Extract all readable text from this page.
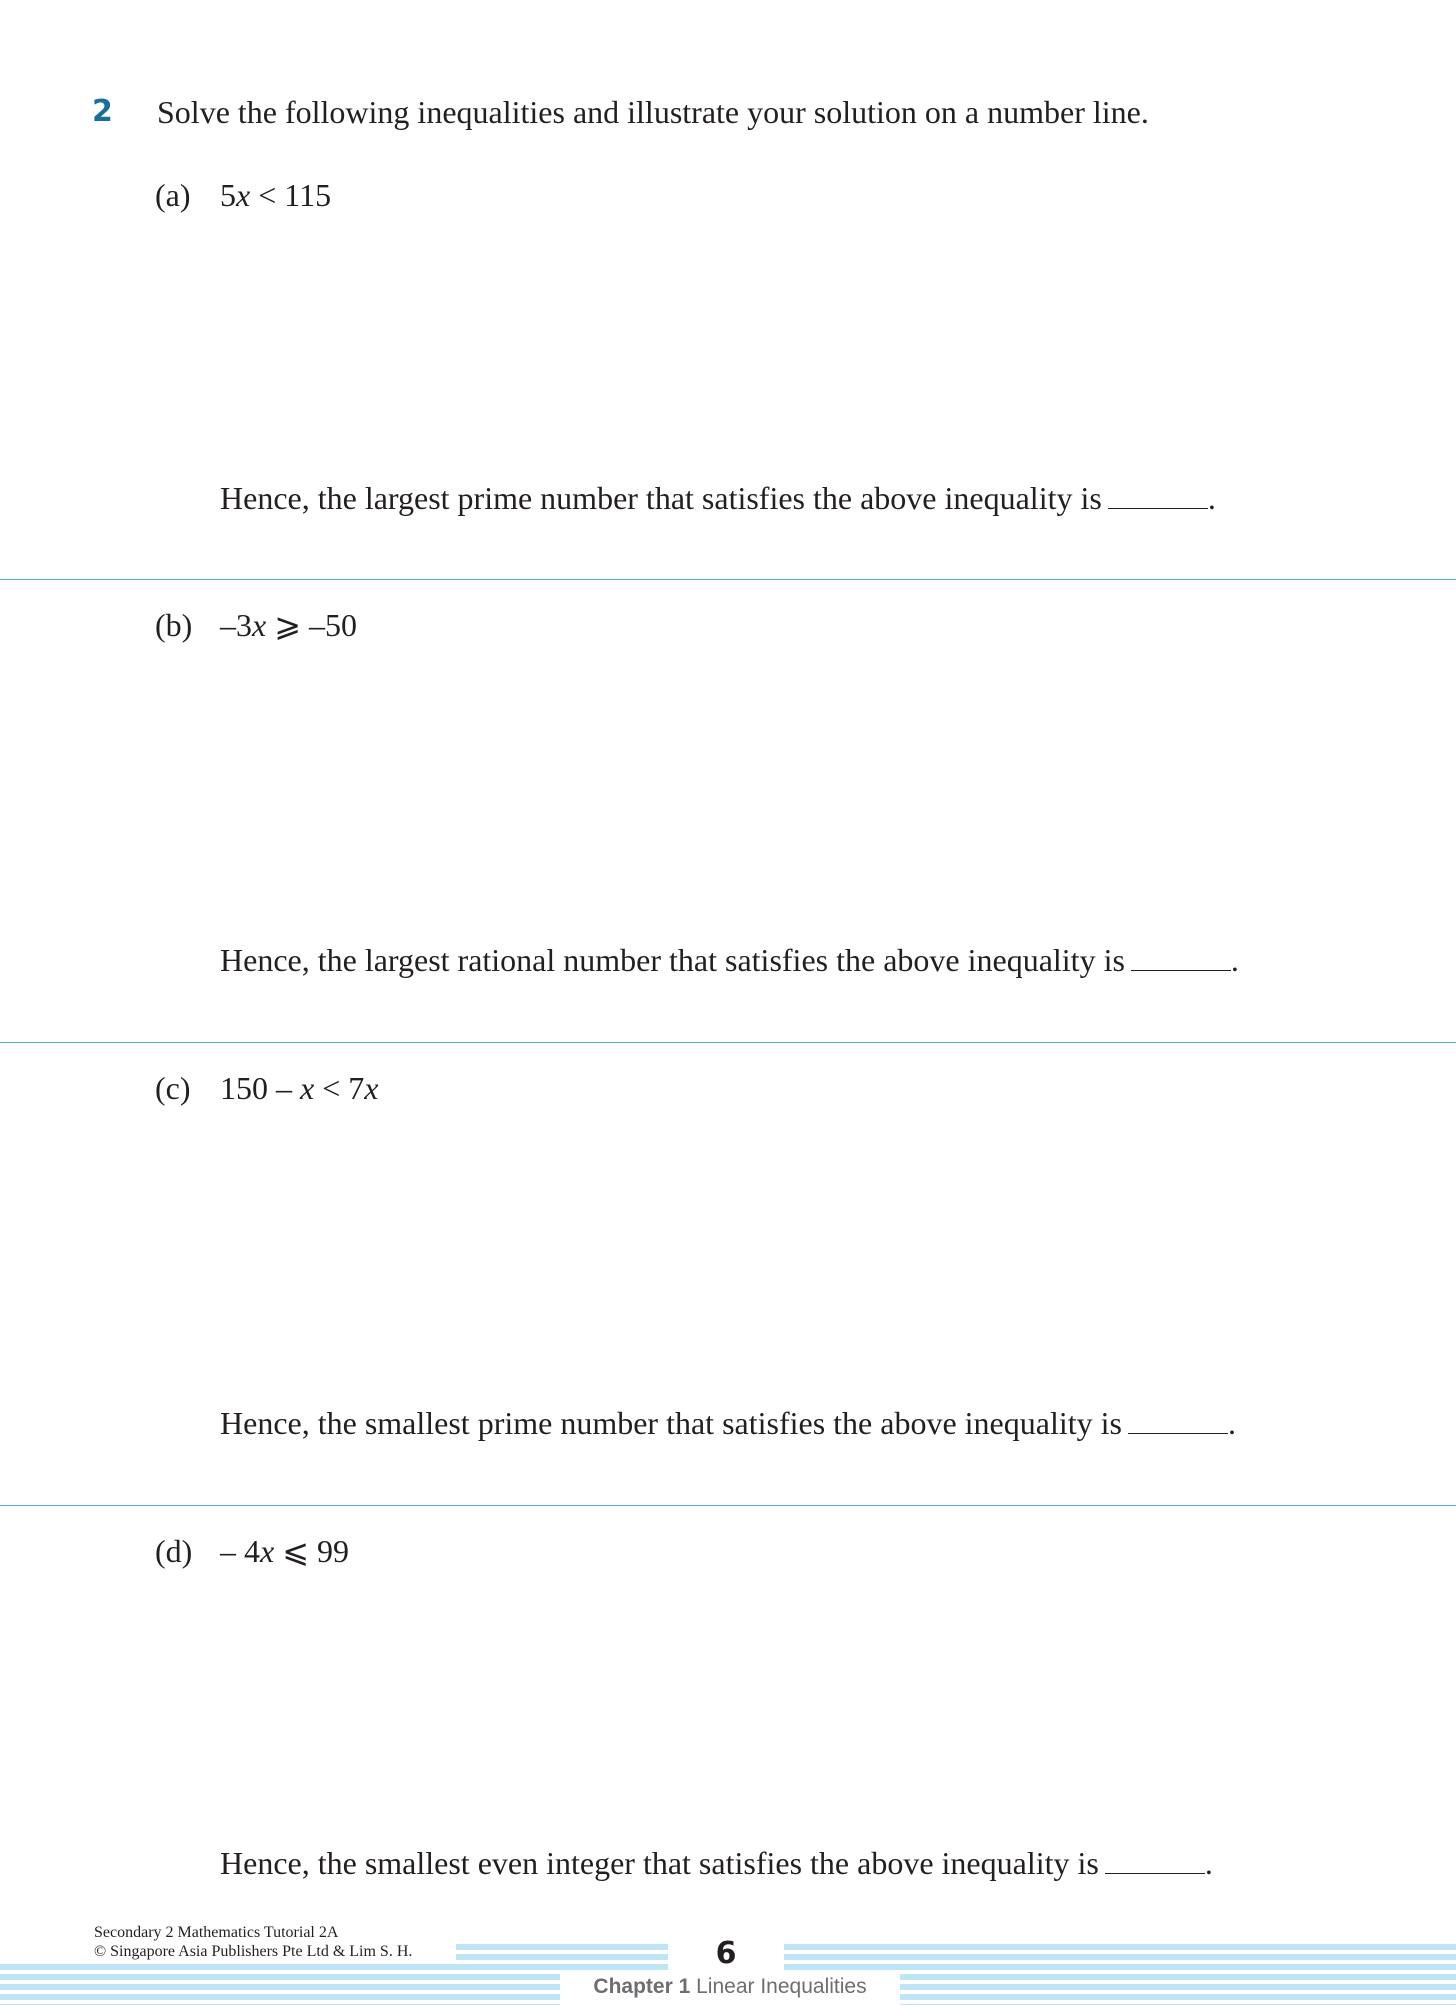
2 Solve the following inequalities and illustrate your solution on a number line.
(a) 5x < 115
Hence, the largest prime number that satisfies the above inequality is	.
(b) –3x ⩾ –50
Hence, the largest rational number that satisfies the above inequality is	.
(c) 150 – x < 7x
Hence, the smallest prime number that satisfies the above inequality is	.
(d) – 4x ⩽ 99
Hence, the smallest even integer that satisfies the above inequality is	.
Secondary 2 Mathematics Tutorial 2A
© Singapore Asia Publishers Pte Ltd & Lim S. H.	6
Chapter 1 Linear Inequalities
